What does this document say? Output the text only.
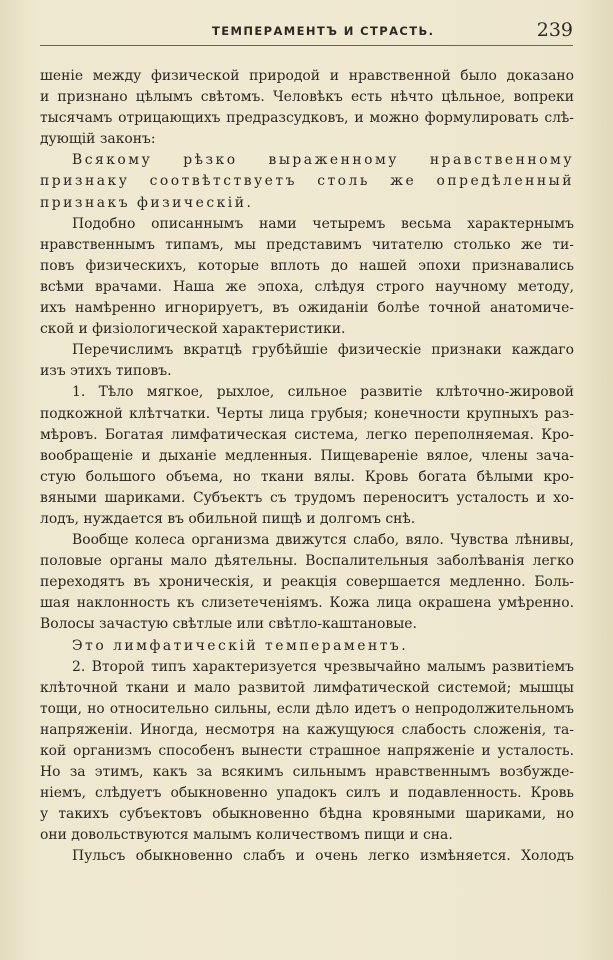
ТЕМПЕРАМЕНТЪ И СТРАСТЬ.	239
шеніе между физической природой и нравственной было доказано
и признано цѣлымъ свѣтомъ. Человѣкъ есть нѣчто цѣльное, вопреки
тысячамъ отрицающихъ предразсудковъ, и можно формулировать слѣ-
дующій законъ:
Всякому рѣзко выраженному нравственному
признаку соотвѣтствуетъ столь же опредѣленный
признакъ физическій.
Подобно описаннымъ нами четыремъ весьма характернымъ
нравственнымъ типамъ, мы представимъ читателю столько же ти-
повъ физическихъ, которые вплоть до нашей эпохи признавались
всѣми врачами. Наша же эпоха, слѣдуя строго научному методу,
ихъ намѣренно игнорируетъ, въ ожиданіи болѣе точной анатомиче-
ской и физіологической характеристики.
Перечислимъ вкратцѣ грубѣйшіе физическіе признаки каждаго
изъ этихъ типовъ.
1. Тѣло мягкое, рыхлое, сильное развитіе клѣточно-жировой
подкожной клѣтчатки. Черты лица грубыя; конечности крупныхъ раз-
мѣровъ. Богатая лимфатическая система, легко переполняемая. Кро-
вообращеніе и дыханіе медленныя. Пищевареніе вялое, члены зача-
стую большого объема, но ткани вялы. Кровь богата бѣлыми кро-
вяными шариками. Субъектъ съ трудомъ переноситъ усталость и хо-
лодъ, нуждается въ обильной пищѣ и долгомъ снѣ.
Вообще колеса организма движутся слабо, вяло. Чувства лѣнивы,
половые органы мало дѣятельны. Воспалительныя заболѣванія легко
переходятъ въ хроническія, и реакція совершается медленно. Боль-
шая наклонность къ слизетеченіямъ. Кожа лица окрашена умѣренно.
Волосы зачастую свѣтлые или свѣтло-каштановые.
Это лимфатическій темпераментъ.
2. Второй типъ характеризуется чрезвычайно малымъ развитіемъ
клѣточной ткани и мало развитой лимфатической системой; мышцы
тощи, но относительно сильны, если дѣло идетъ о непродолжительномъ
напряженіи. Иногда, несмотря на кажущуюся слабость сложенія, та-
кой организмъ способенъ вынести страшное напряженіе и усталость.
Но за этимъ, какъ за всякимъ сильнымъ нравственнымъ возбужде-
ніемъ, слѣдуетъ обыкновенно упадокъ силъ и подавленность. Кровь
у такихъ субъектовъ обыкновенно бѣдна кровяными шариками, но
они довольствуются малымъ количествомъ пищи и сна.
Пульсъ обыкновенно слабъ и очень легко измѣняется. Холодъ
